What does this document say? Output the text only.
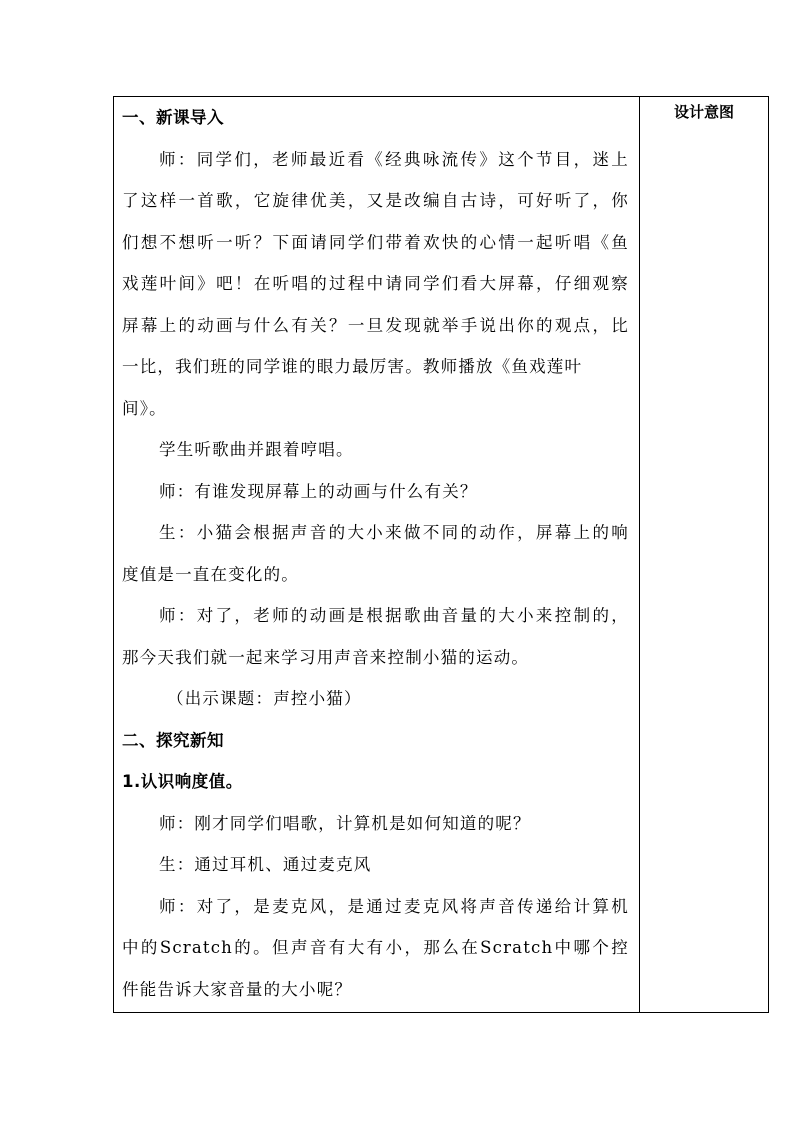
一、新课导入
师：同学们，老师最近看《经典咏流传》这个节目，迷上
了这样一首歌，它旋律优美，又是改编自古诗，可好听了，你
们想不想听一听？下面请同学们带着欢快的心情一起听唱《鱼
戏莲叶间》吧！在听唱的过程中请同学们看大屏幕，仔细观察
屏幕上的动画与什么有关？一旦发现就举手说出你的观点，比
一比，我们班的同学谁的眼力最厉害。教师播放《鱼戏莲叶
间》。
学生听歌曲并跟着哼唱。
师：有谁发现屏幕上的动画与什么有关？
生：小猫会根据声音的大小来做不同的动作，屏幕上的响
度值是一直在变化的。
师：对了，老师的动画是根据歌曲音量的大小来控制的，
那今天我们就一起来学习用声音来控制小猫的运动。
（出示课题：声控小猫）
二、探究新知
1.认识响度值。
师：刚才同学们唱歌，计算机是如何知道的呢？
生：通过耳机、通过麦克风
师：对了，是麦克风，是通过麦克风将声音传递给计算机
中的Scratch的。但声音有大有小，那么在Scratch中哪个控
件能告诉大家音量的大小呢？
设计意图
